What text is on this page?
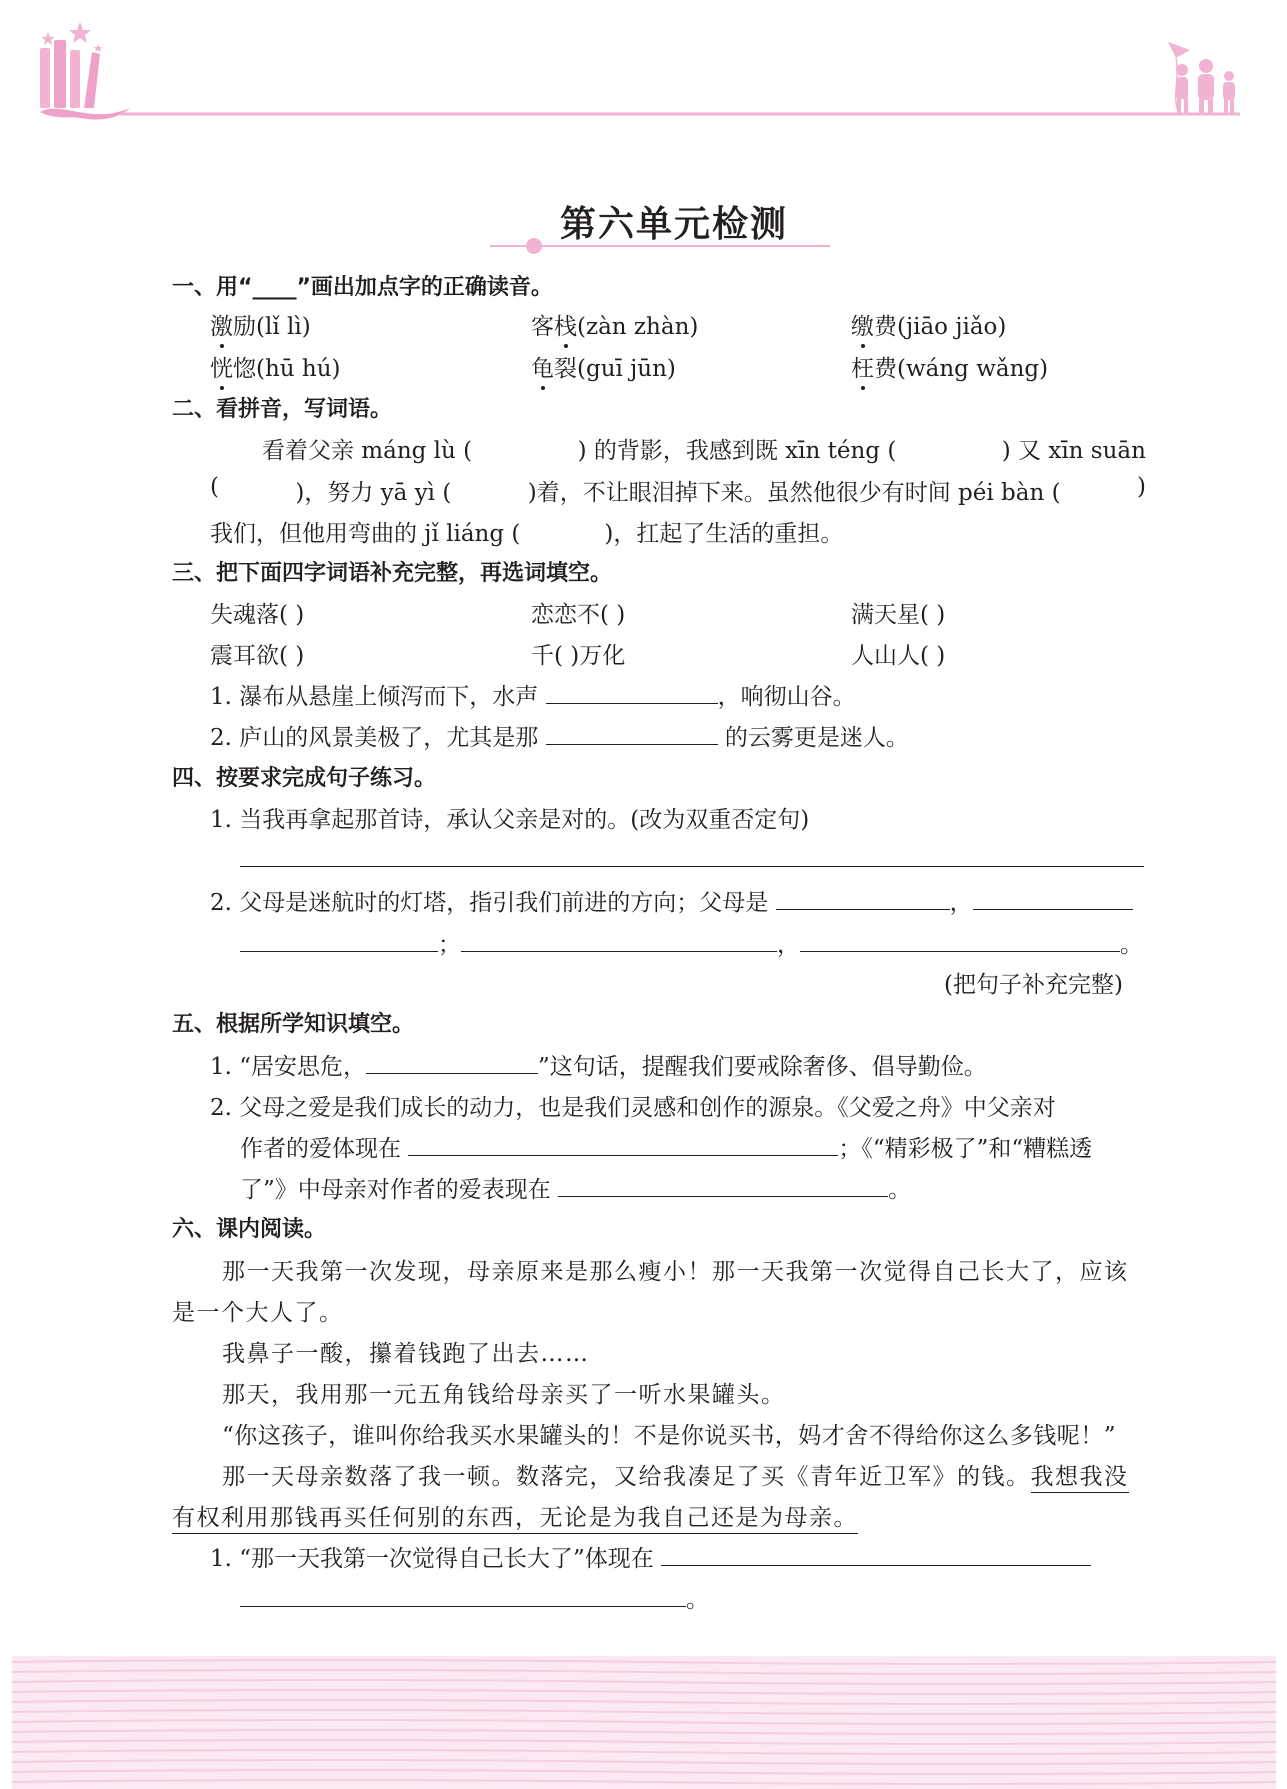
第六单元检测
一、用“____”画出加点字的正确读音。
激励(lǐ lì)	客栈(zàn zhàn)	缴费(jiāo jiǎo)
恍惚(hū hú)	龟裂(guī jūn)	枉费(wáng wǎng)
二、看拼音，写词语。
看着父亲 máng lù (	) 的背影，我感到既 xīn téng (	) 又 xīn suān
(	)，努力 yā yì (	)着，不让眼泪掉下来。虽然他很少有时间 péi bàn (	)
我们，但他用弯曲的 jǐ liáng (	)，扛起了生活的重担。
三、把下面四字词语补充完整，再选词填空。
失魂落( )	恋恋不( )	满天星( )
震耳欲( )	千( )万化	人山人( )
1. 瀑布从悬崖上倾泻而下，水声	，响彻山谷。
2. 庐山的风景美极了，尤其是那	的云雾更是迷人。
四、按要求完成句子练习。
1. 当我再拿起那首诗，承认父亲是对的。(改为双重否定句)
2. 父母是迷航时的灯塔，指引我们前进的方向；父母是	，
；	，	。
(把句子补充完整)
五、根据所学知识填空。
1. “居安思危，	”这句话，提醒我们要戒除奢侈、倡导勤俭。
2. 父母之爱是我们成长的动力，也是我们灵感和创作的源泉。《父爱之舟》中父亲对
作者的爱体现在	；《“精彩极了”和“糟糕透
了”》中母亲对作者的爱表现在	。
六、课内阅读。
那一天我第一次发现，母亲原来是那么瘦小！那一天我第一次觉得自己长大了，应该
是一个大人了。
我鼻子一酸，攥着钱跑了出去……
那天，我用那一元五角钱给母亲买了一听水果罐头。
“你这孩子，谁叫你给我买水果罐头的！不是你说买书，妈才舍不得给你这么多钱呢！”
那一天母亲数落了我一顿。数落完，又给我凑足了买《青年近卫军》的钱。我想我没
有权利用那钱再买任何别的东西，无论是为我自己还是为母亲。
1. “那一天我第一次觉得自己长大了”体现在
。
